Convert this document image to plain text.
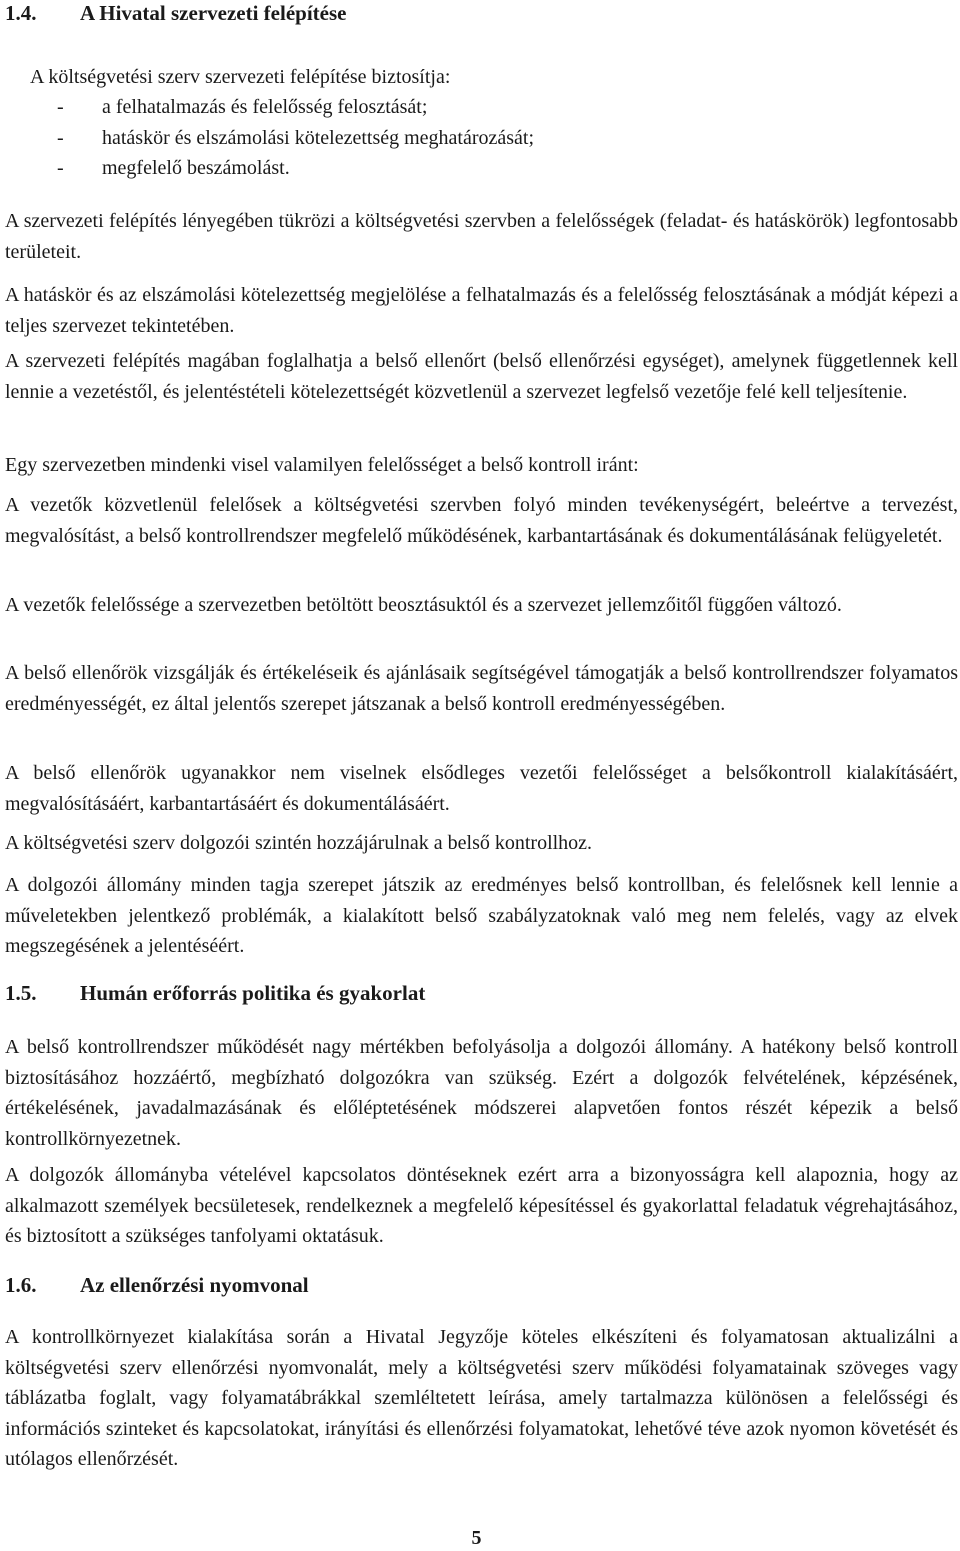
1.4.	A Hivatal szervezeti felépítése

A költségvetési szerv szervezeti felépítése biztosítja:

-	a felhatalmazás és felelősség felosztását;
-	hatáskör és elszámolási kötelezettség meghatározását;
-	megfelelő beszámolást.

A szervezeti felépítés lényegében tükrözi a költségvetési szervben a felelősségek (feladat- és hatáskörök) legfontosabb területeit.

A hatáskör és az elszámolási kötelezettség megjelölése a felhatalmazás és a felelősség felosztásának a módját képezi a teljes szervezet tekintetében.

A szervezeti felépítés magában foglalhatja a belső ellenőrt (belső ellenőrzési egységet), amelynek függetlennek kell lennie a vezetéstől, és jelentéstételi kötelezettségét közvetlenül a szervezet legfelső vezetője felé kell teljesítenie.

Egy szervezetben mindenki visel valamilyen felelősséget a belső kontroll iránt:

A vezetők közvetlenül felelősek a költségvetési szervben folyó minden tevékenységért, beleértve a tervezést, megvalósítást, a belső kontrollrendszer megfelelő működésének, karbantartásának és dokumentálásának felügyeletét.

A vezetők felelőssége a szervezetben betöltött beosztásuktól és a szervezet jellemzőitől függően változó.

A belső ellenőrök vizsgálják és értékeléseik és ajánlásaik segítségével támogatják a belső kontrollrendszer folyamatos eredményességét, ez által jelentős szerepet játszanak a belső kontroll eredményességében.

A belső ellenőrök ugyanakkor nem viselnek elsődleges vezetői felelősséget a belsőkontroll kialakításáért, megvalósításáért, karbantartásáért és dokumentálásáért.

A költségvetési szerv dolgozói szintén hozzájárulnak a belső kontrollhoz.

A dolgozói állomány minden tagja szerepet játszik az eredményes belső kontrollban, és felelősnek kell lennie a műveletekben jelentkező problémák, a kialakított belső szabályzatoknak való meg nem felelés, vagy az elvek megszegésének a jelentéséért.

1.5.	Humán erőforrás politika és gyakorlat

A belső kontrollrendszer működését nagy mértékben befolyásolja a dolgozói állomány. A hatékony belső kontroll biztosításához hozzáértő, megbízható dolgozókra van szükség. Ezért a dolgozók felvételének, képzésének, értékelésének, javadalmazásának és előléptetésének módszerei alapvetően fontos részét képezik a belső kontrollkörnyezetnek.

A dolgozók állományba vételével kapcsolatos döntéseknek ezért arra a bizonyosságra kell alapoznia, hogy az alkalmazott személyek becsületesek, rendelkeznek a megfelelő képesítéssel és gyakorlattal feladatuk végrehajtásához, és biztosított a szükséges tanfolyami oktatásuk.

1.6.	Az ellenőrzési nyomvonal

A kontrollkörnyezet kialakítása során a Hivatal Jegyzője köteles elkészíteni és folyamatosan aktualizálni a költségvetési szerv ellenőrzési nyomvonalát, mely a költségvetési szerv működési folyamatainak szöveges vagy táblázatba foglalt, vagy folyamatábrákkal szemléltetett leírása, amely tartalmazza különösen a felelősségi és információs szinteket és kapcsolatokat, irányítási és ellenőrzési folyamatokat, lehetővé téve azok nyomon követését és utólagos ellenőrzését.

5
